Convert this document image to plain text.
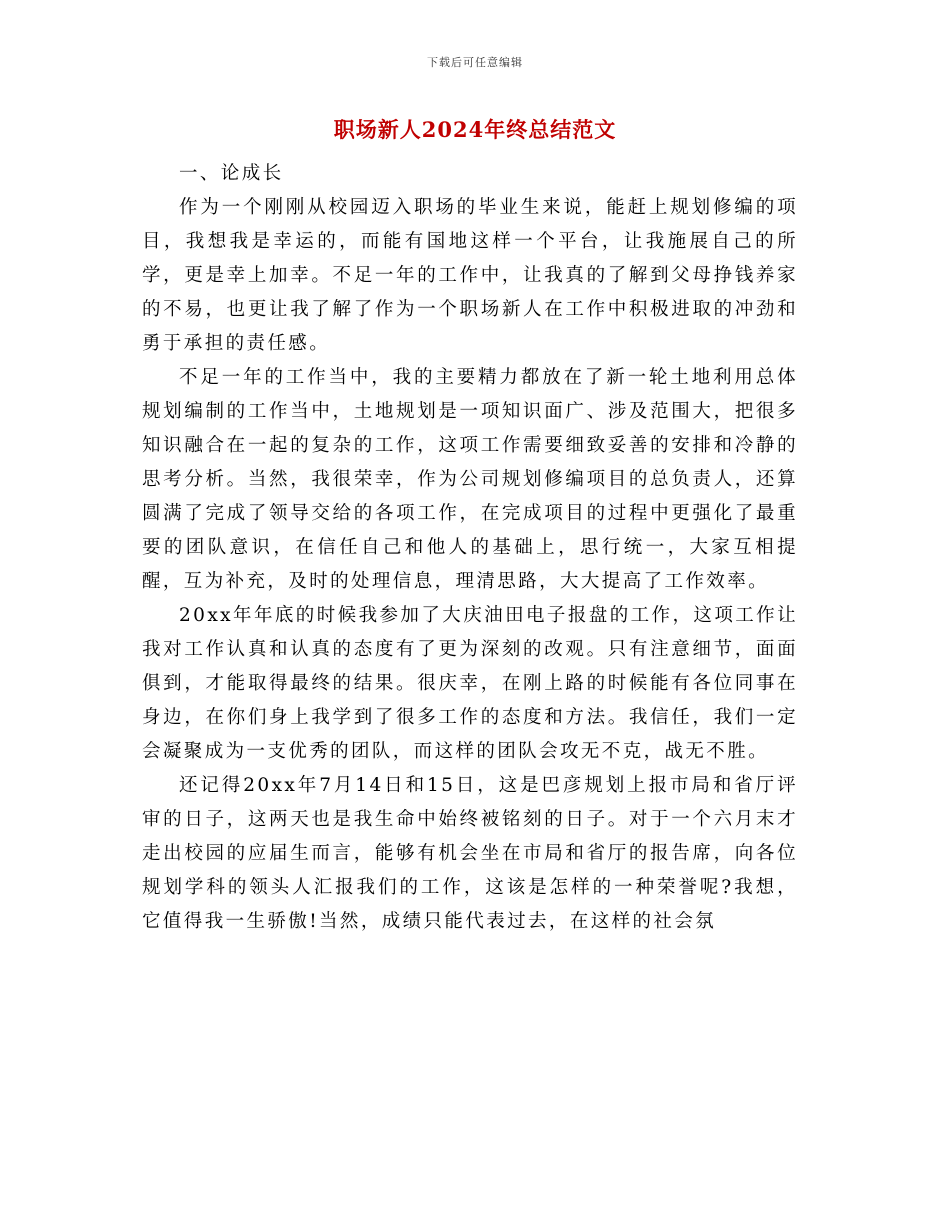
下载后可任意编辑
职场新人2024年终总结范文

一、论成长

作为一个刚刚从校园迈入职场的毕业生来说，能赶上规划修编的项目，我想我是幸运的，而能有国地这样一个平台，让我施展自己的所学，更是幸上加幸。不足一年的工作中，让我真的了解到父母挣钱养家的不易，也更让我了解了作为一个职场新人在工作中积极进取的冲劲和勇于承担的责任感。

不足一年的工作当中，我的主要精力都放在了新一轮土地利用总体规划编制的工作当中，土地规划是一项知识面广、涉及范围大，把很多知识融合在一起的复杂的工作，这项工作需要细致妥善的安排和冷静的思考分析。当然，我很荣幸，作为公司规划修编项目的总负责人，还算圆满了完成了领导交给的各项工作，在完成项目的过程中更强化了最重要的团队意识，在信任自己和他人的基础上，思行统一，大家互相提醒，互为补充，及时的处理信息，理清思路，大大提高了工作效率。

20xx年年底的时候我参加了大庆油田电子报盘的工作，这项工作让我对工作认真和认真的态度有了更为深刻的改观。只有注意细节，面面俱到，才能取得最终的结果。很庆幸，在刚上路的时候能有各位同事在身边，在你们身上我学到了很多工作的态度和方法。我信任，我们一定会凝聚成为一支优秀的团队，而这样的团队会攻无不克，战无不胜。

还记得20xx年7月14日和15日，这是巴彦规划上报市局和省厅评审的日子，这两天也是我生命中始终被铭刻的日子。对于一个六月末才走出校园的应届生而言，能够有机会坐在市局和省厅的报告席，向各位规划学科的领头人汇报我们的工作，这该是怎样的一种荣誉呢?我想，它值得我一生骄傲!当然，成绩只能代表过去，在这样的社会氛
